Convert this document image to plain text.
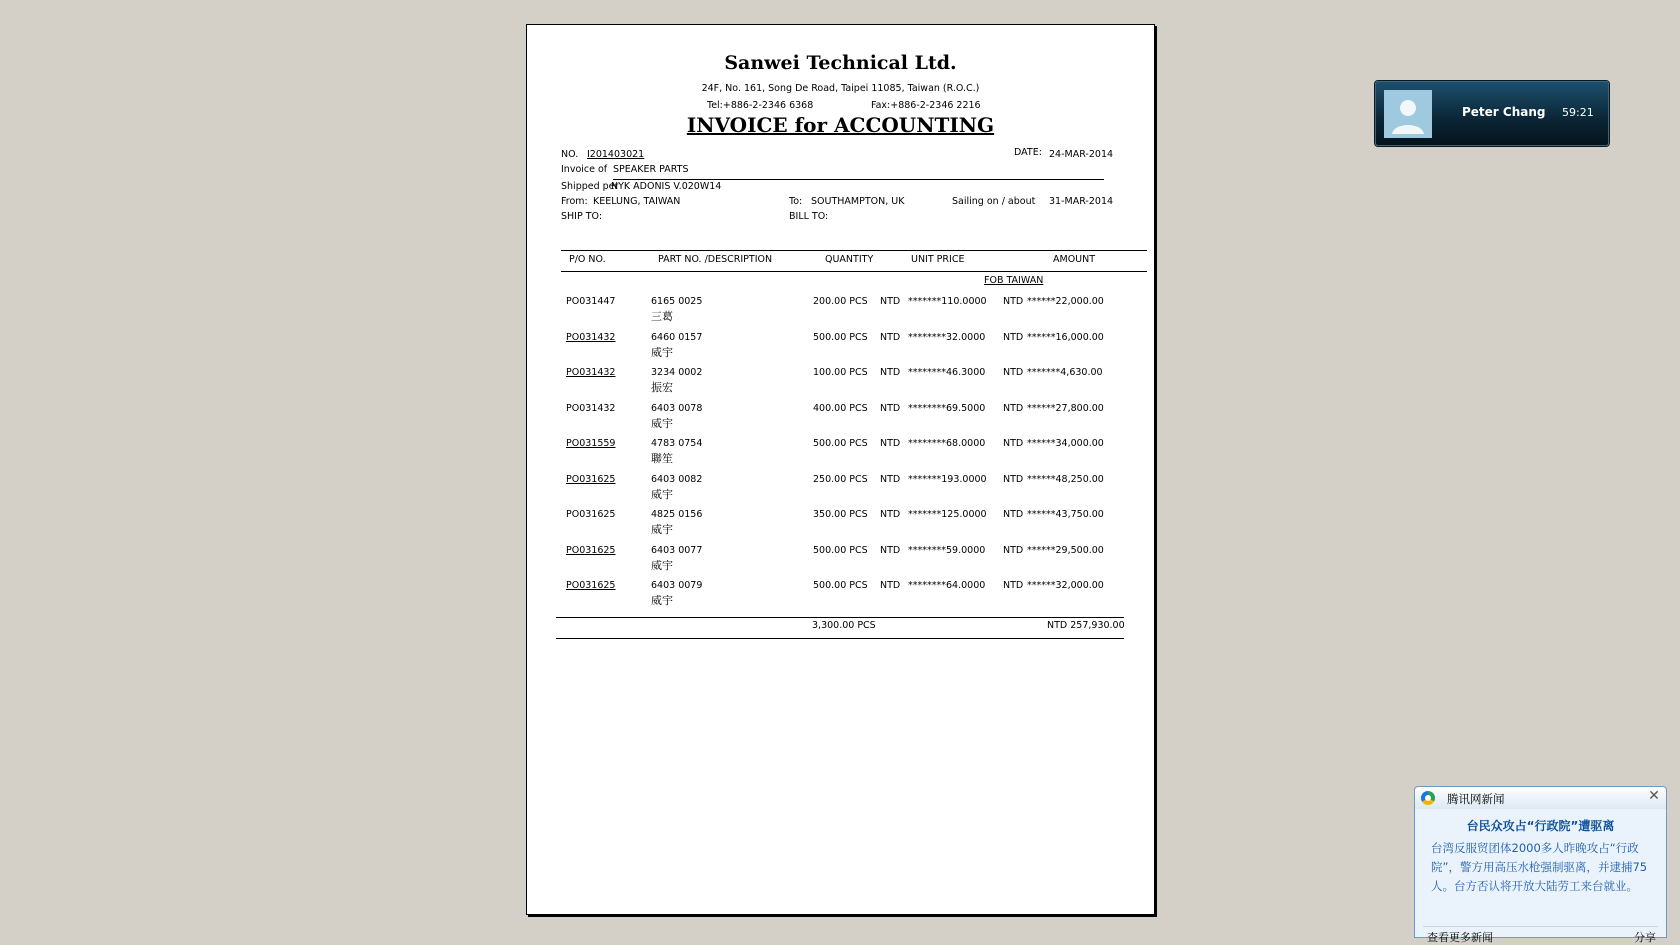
Sanwei Technical Ltd.
24F, No. 161, Song De Road, Taipei 11085, Taiwan (R.O.C.)
Tel:+886-2-2346 6368	Fax:+886-2-2346 2216
INVOICE for ACCOUNTING
NO. I201403021	DATE: 24-MAR-2014
Invoice of SPEAKER PARTS
Shipped per
NYK ADONIS V.020W14
From: KEELUNG, TAIWAN	To: SOUTHAMPTON, UK	Sailing on / about 31-MAR-2014
SHIP TO:	BILL TO:
P/O NO.	PART NO. /DESCRIPTION	QUANTITY	UNIT PRICE	AMOUNT
FOB TAIWAN
PO031447	6165 0025	200.00 PCS NTD *******110.0000 NTD ******22,000.00
三葛
PO031432	6460 0157	500.00 PCS NTD ********32.0000 NTD ******16,000.00
威宇
PO031432	3234 0002	100.00 PCS NTD ********46.3000 NTD *******4,630.00
振宏
PO031432	6403 0078	400.00 PCS NTD ********69.5000 NTD ******27,800.00
威宇
PO031559	4783 0754	500.00 PCS NTD ********68.0000 NTD ******34,000.00
聯笙
PO031625	6403 0082	250.00 PCS NTD *******193.0000 NTD ******48,250.00
威宇
PO031625	4825 0156	350.00 PCS NTD *******125.0000 NTD ******43,750.00
威宇
PO031625	6403 0077	500.00 PCS NTD ********59.0000 NTD ******29,500.00
威宇
PO031625	6403 0079	500.00 PCS NTD ********64.0000 NTD ******32,000.00
威宇
3,300.00 PCS	NTD 257,930.00
Peter Chang 59:21
腾讯网新闻	✕
台民众攻占“行政院”遭驱离
台湾反服贸团体2000多人昨晚攻占“行政院”，警方用高压水枪强制驱离，并逮捕75人。台方否认将开放大陆劳工来台就业。
查看更多新闻	分享
